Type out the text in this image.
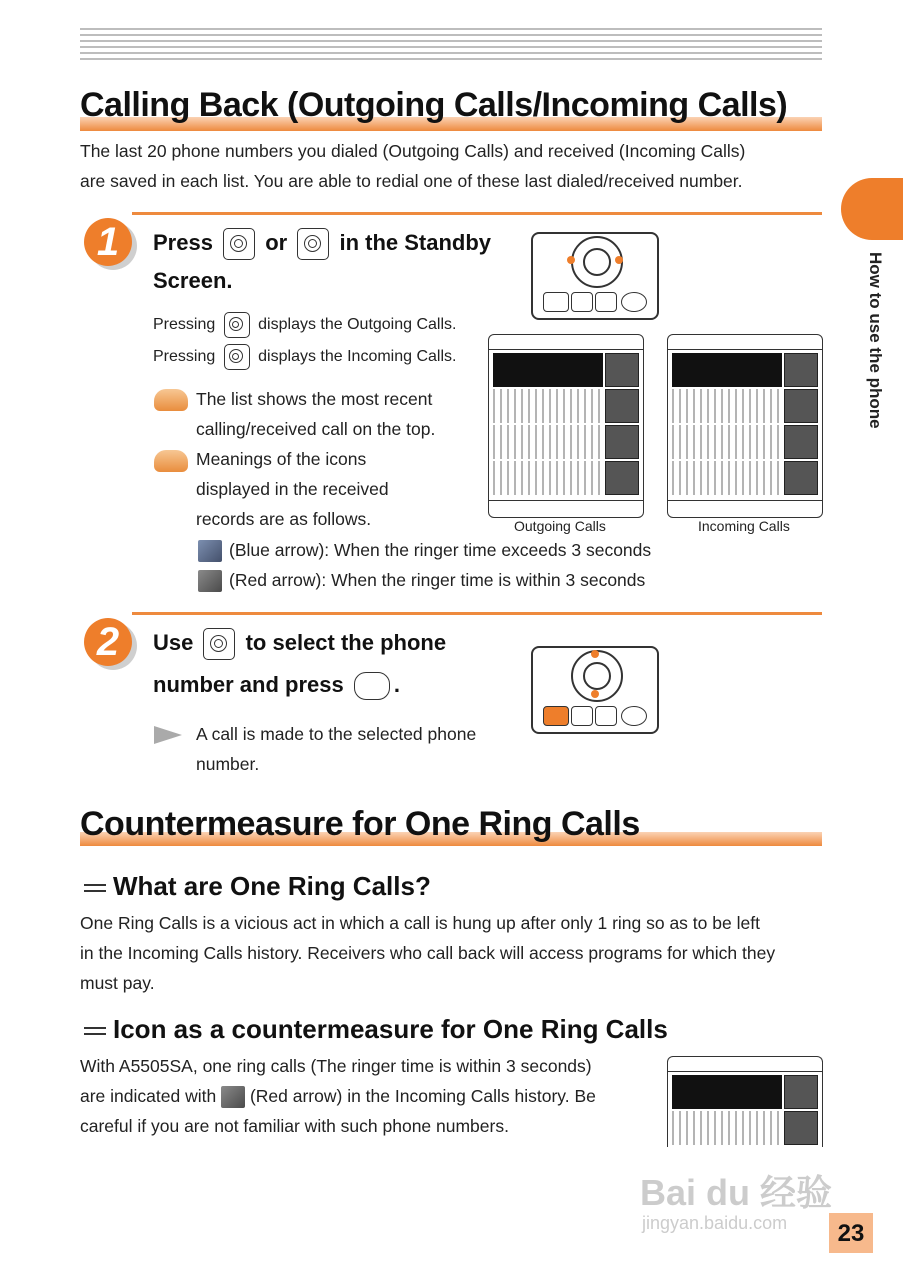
Calling Back (Outgoing Calls/Incoming Calls)
The last 20 phone numbers you dialed (Outgoing Calls) and received (Incoming Calls)
are saved in each list. You are able to redial one of these last dialed/received number.
How to use the phone
1	Press or in the Standby
Screen.
Pressing	displays the Outgoing Calls.
Pressing	displays the Incoming Calls.
The list shows the most recent
calling/received call on the top.
Meanings of the icons
displayed in the received
records are as follows.
(Blue arrow): When the ringer time exceeds 3 seconds
(Red arrow): When the ringer time is within 3 seconds
Outgoing Calls	Incoming Calls
2	Use to select the phone
number and press .
A call is made to the selected phone
number.
Countermeasure for One Ring Calls
What are One Ring Calls?
One Ring Calls is a vicious act in which a call is hung up after only 1 ring so as to be left
in the Incoming Calls history. Receivers who call back will access programs for which they
must pay.
Icon as a countermeasure for One Ring Calls
With A5505SA, one ring calls (The ringer time is within 3 seconds)
are indicated with (Red arrow) in the Incoming Calls history. Be
careful if you are not familiar with such phone numbers.
Bai du 经验
jingyan.baidu.com	23
